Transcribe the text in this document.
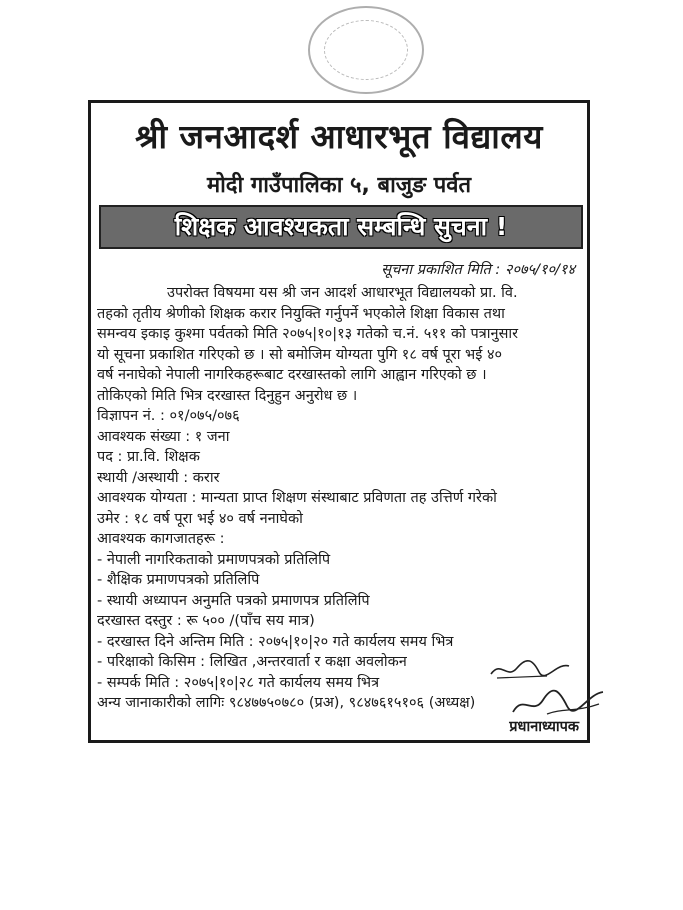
श्री जनआदर्श आधारभूत विद्यालय
मोदी गाउँपालिका ५, बाजुङ पर्वत
शिक्षक आवश्यकता सम्बन्धि सुचना !
सूचना प्रकाशित मिति : २०७५/१०/१४
उपरोक्त विषयमा यस श्री जन आदर्श आधारभूत विद्यालयको प्रा. वि.
तहको तृतीय श्रेणीको शिक्षक करार नियुक्ति गर्नुपर्ने भएकोले शिक्षा विकास तथा
समन्वय इकाइ कुश्मा पर्वतको मिति २०७५|१०|१३ गतेको च.नं. ५११ को पत्रानुसार
यो सूचना प्रकाशित गरिएको छ । सो बमोजिम योग्यता पुगि १८ वर्ष पूरा भई ४०
वर्ष ननाघेको नेपाली नागरिकहरूबाट दरखास्तको लागि आह्वान गरिएको छ ।
तोकिएको मिति भित्र दरखास्त दिनुहुन अनुरोध छ ।
विज्ञापन नं. : ०१/०७५/०७६
आवश्यक संख्या : १ जना
पद : प्रा.वि. शिक्षक
स्थायी /अस्थायी : करार
आवश्यक योग्यता : मान्यता प्राप्त शिक्षण संस्थाबाट प्रविणता तह उत्तिर्ण गरेको
उमेर : १८ वर्ष पूरा भई ४० वर्ष ननाघेको
आवश्यक कागजातहरू :
- नेपाली नागरिकताको प्रमाणपत्रको प्रतिलिपि
- शैक्षिक प्रमाणपत्रको प्रतिलिपि
- स्थायी अध्यापन अनुमति पत्रको प्रमाणपत्र प्रतिलिपि
दरखास्त दस्तुर : रू ५०० /(पाँच सय मात्र)
- दरखास्त दिने अन्तिम मिति : २०७५|१०|२० गते कार्यलय समय भित्र
- परिक्षाको किसिम : लिखित ,अन्तरवार्ता र कक्षा अवलोकन
- सम्पर्क मिति : २०७५|१०|२८ गते कार्यलय समय भित्र
अन्य जानाकारीको लागिः ९८४७७५०७८० (प्रअ), ९८४७६१५१०६ (अध्यक्ष)
प्रधानाध्यापक
